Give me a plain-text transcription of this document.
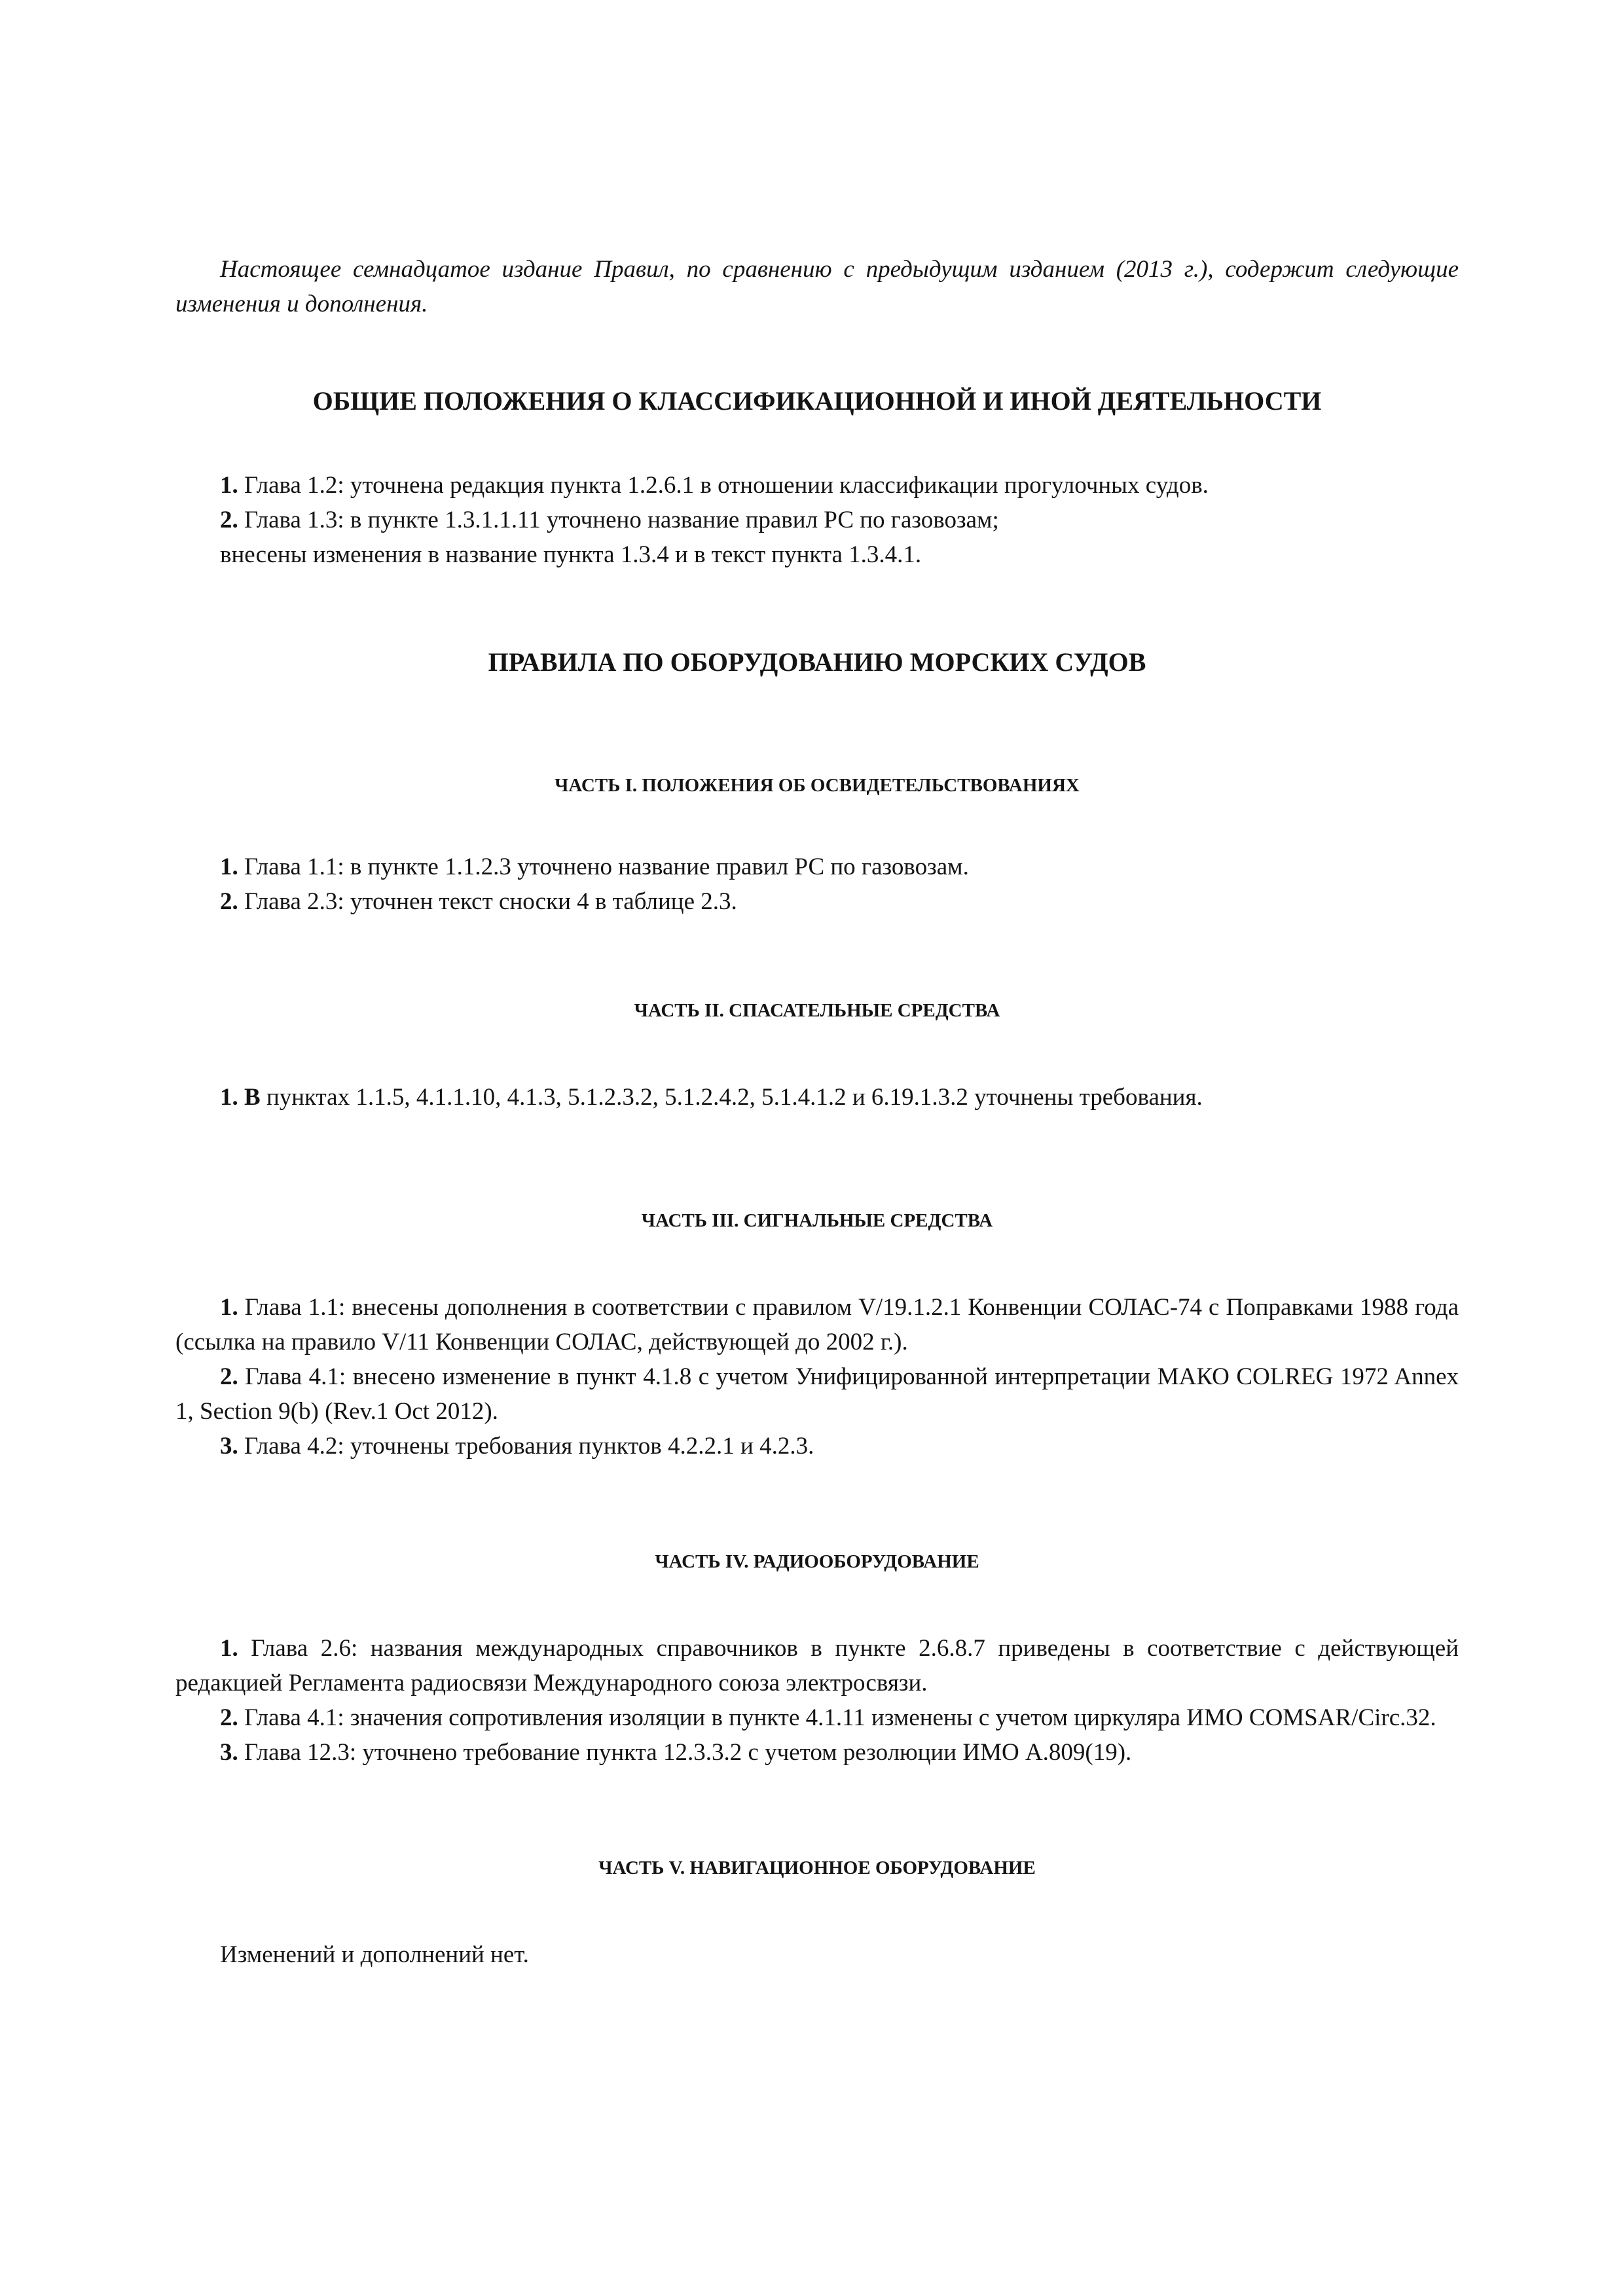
Настоящее семнадцатое издание Правил, по сравнению с предыдущим изданием (2013 г.), содержит следующие изменения и дополнения.

ОБЩИЕ ПОЛОЖЕНИЯ О КЛАССИФИКАЦИОННОЙ И ИНОЙ ДЕЯТЕЛЬНОСТИ

1. Глава 1.2: уточнена редакция пункта 1.2.6.1 в отношении классификации прогулочных судов.

2. Глава 1.3: в пункте 1.3.1.1.11 уточнено название правил РС по газовозам;

внесены изменения в название пункта 1.3.4 и в текст пункта 1.3.4.1.

ПРАВИЛА ПО ОБОРУДОВАНИЮ МОРСКИХ СУДОВ

ЧАСТЬ I. ПОЛОЖЕНИЯ ОБ ОСВИДЕТЕЛЬСТВОВАНИЯХ

1. Глава 1.1: в пункте 1.1.2.3 уточнено название правил РС по газовозам.

2. Глава 2.3: уточнен текст сноски 4 в таблице 2.3.

ЧАСТЬ II. СПАСАТЕЛЬНЫЕ СРЕДСТВА

1. В пунктах 1.1.5, 4.1.1.10, 4.1.3, 5.1.2.3.2, 5.1.2.4.2, 5.1.4.1.2 и 6.19.1.3.2 уточнены требования.

ЧАСТЬ III. СИГНАЛЬНЫЕ СРЕДСТВА

1. Глава 1.1: внесены дополнения в соответствии с правилом V/19.1.2.1 Конвенции СОЛАС-74 с Поправками 1988 года (ссылка на правило V/11 Конвенции СОЛАС, действующей до 2002 г.).

2. Глава 4.1: внесено изменение в пункт 4.1.8 с учетом Унифицированной интерпретации МАКО COLREG 1972 Annex 1, Section 9(b) (Rev.1 Oct 2012).

3. Глава 4.2: уточнены требования пунктов 4.2.2.1 и 4.2.3.

ЧАСТЬ IV. РАДИООБОРУДОВАНИЕ

1. Глава 2.6: названия международных справочников в пункте 2.6.8.7 приведены в соответствие с действующей редакцией Регламента радиосвязи Международного союза электросвязи.

2. Глава 4.1: значения сопротивления изоляции в пункте 4.1.11 изменены с учетом циркуляра ИМО COMSAR/Circ.32.

3. Глава 12.3: уточнено требование пункта 12.3.3.2 с учетом резолюции ИМО А.809(19).

ЧАСТЬ V. НАВИГАЦИОННОЕ ОБОРУДОВАНИЕ

Изменений и дополнений нет.
